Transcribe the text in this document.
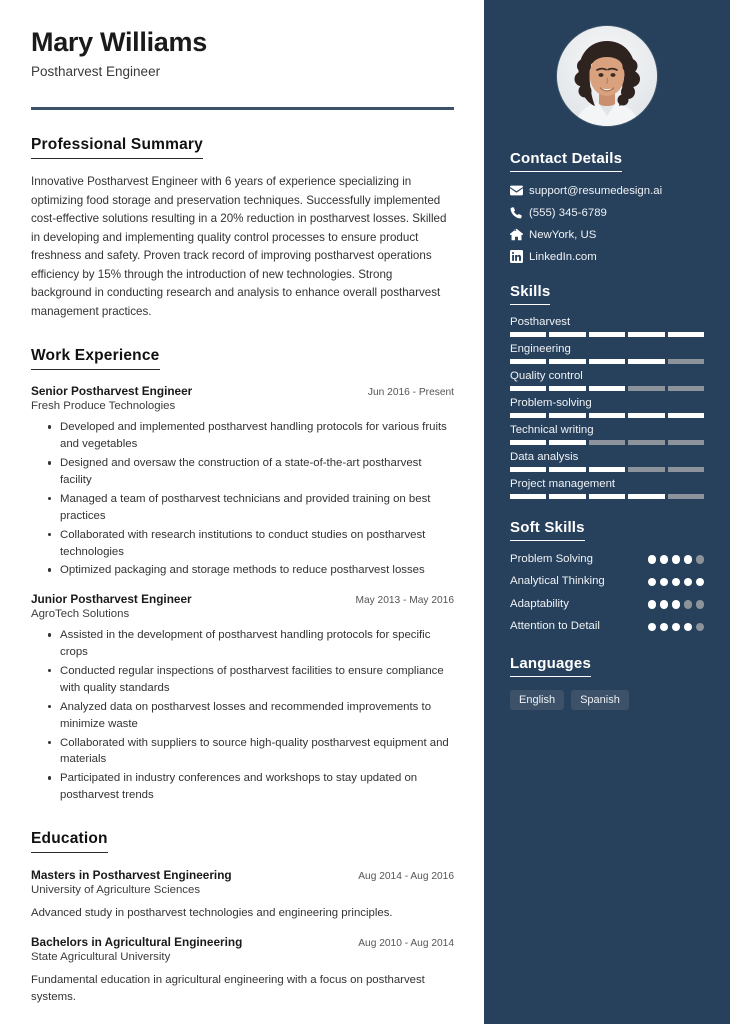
Mary Williams
Postharvest Engineer
Professional Summary
Innovative Postharvest Engineer with 6 years of experience specializing in optimizing food storage and preservation techniques. Successfully implemented cost-effective solutions resulting in a 20% reduction in postharvest losses. Skilled in developing and implementing quality control processes to ensure product freshness and safety. Proven track record of improving postharvest operations efficiency by 15% through the introduction of new technologies. Strong background in conducting research and analysis to enhance overall postharvest management practices.
Work Experience
Senior Postharvest Engineer	Jun 2016 - Present
Fresh Produce Technologies
Developed and implemented postharvest handling protocols for various fruits and vegetables
Designed and oversaw the construction of a state-of-the-art postharvest facility
Managed a team of postharvest technicians and provided training on best practices
Collaborated with research institutions to conduct studies on postharvest technologies
Optimized packaging and storage methods to reduce postharvest losses
Junior Postharvest Engineer	May 2013 - May 2016
AgroTech Solutions
Assisted in the development of postharvest handling protocols for specific crops
Conducted regular inspections of postharvest facilities to ensure compliance with quality standards
Analyzed data on postharvest losses and recommended improvements to minimize waste
Collaborated with suppliers to source high-quality postharvest equipment and materials
Participated in industry conferences and workshops to stay updated on postharvest trends
Education
Masters in Postharvest Engineering	Aug 2014 - Aug 2016
University of Agriculture Sciences
Advanced study in postharvest technologies and engineering principles.
Bachelors in Agricultural Engineering	Aug 2010 - Aug 2014
State Agricultural University
Fundamental education in agricultural engineering with a focus on postharvest systems.
Contact Details
support@resumedesign.ai
(555) 345-6789
NewYork, US
LinkedIn.com
Skills
Postharvest
Engineering
Quality control
Problem-solving
Technical writing
Data analysis
Project management
Soft Skills
Problem Solving
Analytical Thinking
Adaptability
Attention to Detail
Languages
English	Spanish
